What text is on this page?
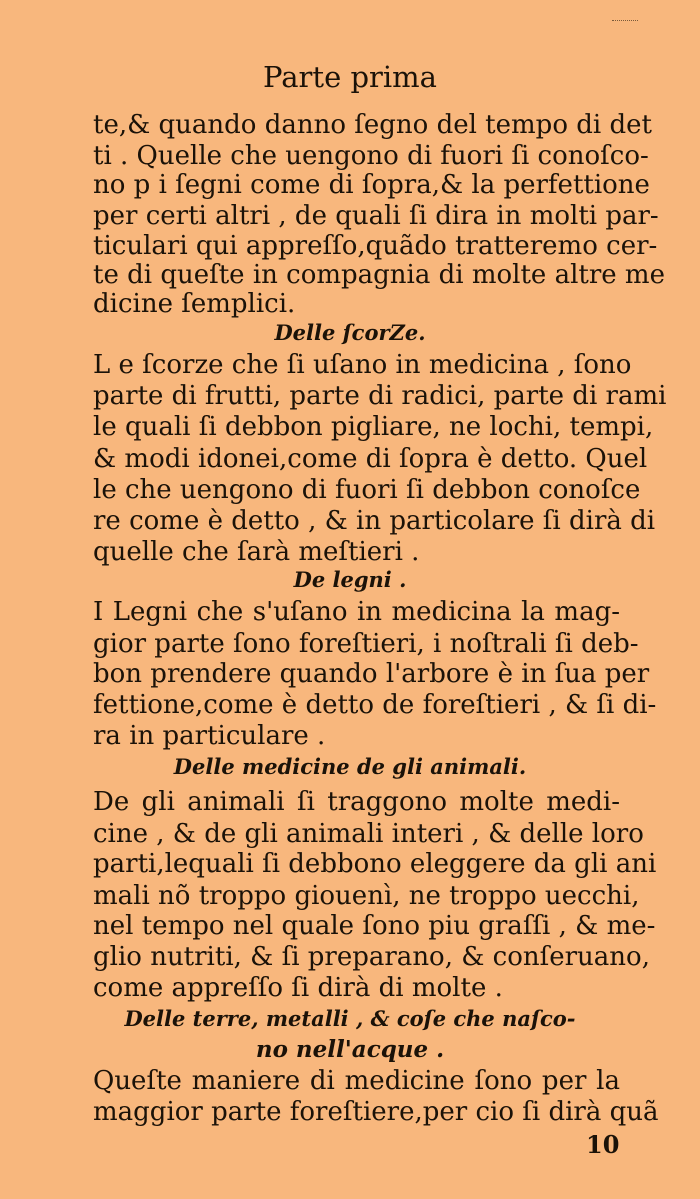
Parte prima
te,& quando danno ſegno del tempo di det
ti . Quelle che uengono di fuori ſi conoſco-
no p i ſegni come di ſopra,& la perfettione
per certi altri , de quali ſi dira in molti par-
ticulari qui appreſſo,quãdo tratteremo cer-
te di queſte in compagnia di molte altre me
dicine ſemplici.
Delle ſcorZe.
L e ſcorze che ſi uſano in medicina , ſono
parte di frutti, parte di radici, parte di rami
le quali ſi debbon pigliare, ne lochi, tempi,
& modi idonei,come di ſopra è detto. Quel
le che uengono di fuori ſi debbon conoſce
re come è detto , & in particolare ſi dirà di
quelle che ſarà meſtieri .
De legni .
I Legni che s'uſano in medicina la mag-
gior parte ſono foreſtieri, i noſtrali ſi deb-
bon prendere quando l'arbore è in ſua per
fettione,come è detto de foreſtieri , & ſi di-
ra in particulare .
Delle medicine de gli animali.
De gli animali ſi traggono molte medi-
cine , & de gli animali interi , & delle loro
parti,lequali ſi debbono eleggere da gli ani
mali nõ troppo giouenì, ne troppo uecchi,
nel tempo nel quale ſono piu graſſi , & me-
glio nutriti, & ſi preparano, & conſeruano,
come appreſſo ſi dirà di molte .
Delle terre, metalli , & coſe che naſco-
no nell'acque .
Queſte maniere di medicine ſono per la
maggior parte foreſtiere,per cio ſi dirà quã
10
